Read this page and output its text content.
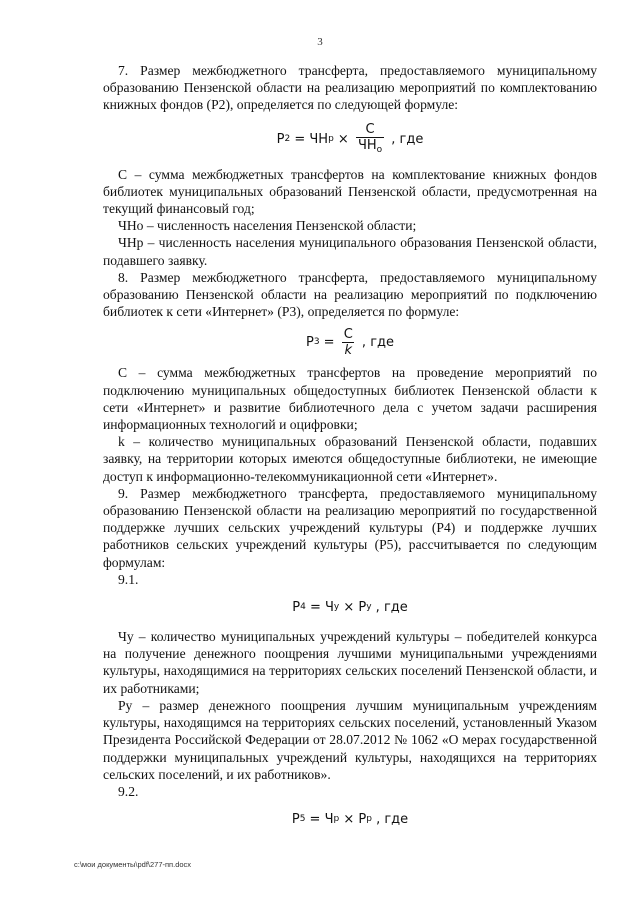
3

7. Размер межбюджетного трансферта, предоставляемого муниципальному образованию Пензенской области на реализацию мероприятий по комплектованию книжных фондов (P2), определяется по следующей формуле:

P 2 = ЧН $р \times \frac{C}{ЧН_о}$ , где

C – сумма межбюджетных трансфертов на комплектование книжных фондов библиотек муниципальных образований Пензенской области, предусмотренная на текущий финансовый год;

ЧНо – численность населения Пензенской области;

ЧНр – численность населения муниципального образования Пензенской области, подавшего заявку.

8. Размер межбюджетного трансферта, предоставляемого муниципальному образованию Пензенской области на реализацию мероприятий по подключению библиотек к сети «Интернет» (P3), определяется по формуле:

P $3 = \frac{C}{k}$ , где

C – сумма межбюджетных трансфертов на проведение мероприятий по подключению муниципальных общедоступных библиотек Пензенской области к сети «Интернет» и развитие библиотечного дела с учетом задачи расширения информационных технологий и оцифровки;

k – количество муниципальных образований Пензенской области, подавших заявку, на территории которых имеются общедоступные библиотеки, не имеющие доступ к информационно-телекоммуникационной сети «Интернет».

9. Размер межбюджетного трансферта, предоставляемого муниципальному образованию Пензенской области на реализацию мероприятий по государственной поддержке лучших сельских учреждений культуры (P4) и поддержке лучших работников сельских учреждений культуры (P5), рассчитывается по следующим формулам:

9.1.

P 4 = Ч у × P у , где

Чу – количество муниципальных учреждений культуры – победителей конкурса на получение денежного поощрения лучшими муниципальными учреждениями культуры, находящимися на территориях сельских поселений Пензенской области, и их работниками;

Pу – размер денежного поощрения лучшим муниципальным учреждениям культуры, находящимся на территориях сельских поселений, установленный Указом Президента Российской Федерации от 28.07.2012 № 1062 «О мерах государственной поддержки муниципальных учреждений культуры, находящихся на территориях сельских поселений, и их работников».

9.2.

P 5 = Ч р × P р , где
c:\мои документы\pdf\277-пп.docx
